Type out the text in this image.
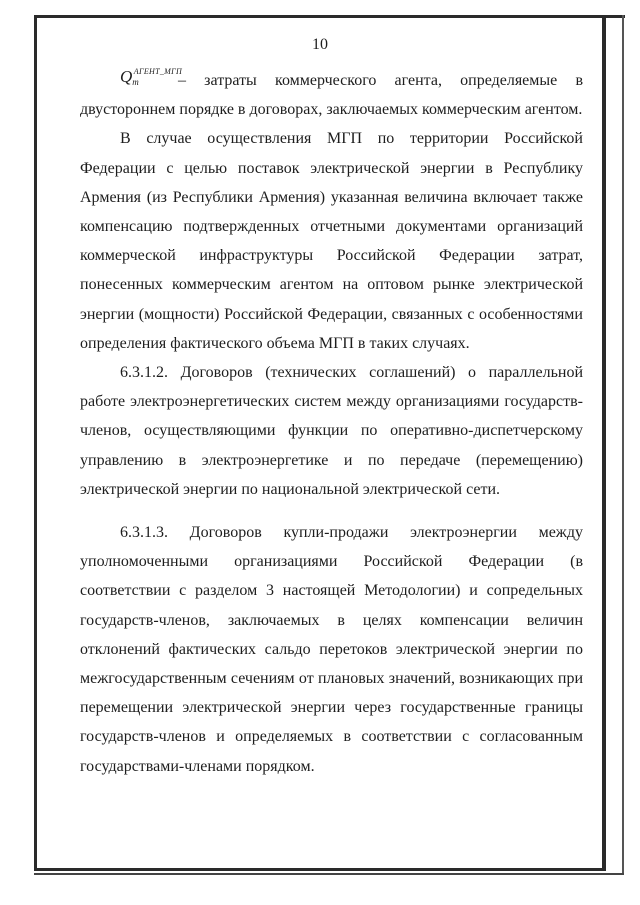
10
$Q_m^{АГЕНТ\_МГП}$

– затраты коммерческого агента, определяемые в двустороннем порядке в договорах, заключаемых коммерческим агентом.

В случае осуществления МГП по территории Российской Федерации с целью поставок электрической энергии в Республику Армения (из Республики Армения) указанная величина включает также компенсацию подтвержденных отчетными документами организаций коммерческой инфраструктуры Российской Федерации затрат, понесенных коммерческим агентом на оптовом рынке электрической энергии (мощности) Российской Федерации, связанных с особенностями определения фактического объема МГП в таких случаях.

6.3.1.2. Договоров (технических соглашений) о параллельной работе электроэнергетических систем между организациями государств-членов, осуществляющими функции по оперативно-диспетчерскому управлению в электроэнергетике и по передаче (перемещению) электрической энергии по национальной электрической сети.

6.3.1.3. Договоров купли-продажи электроэнергии между уполномоченными организациями Российской Федерации (в соответствии с разделом 3 настоящей Методологии) и сопредельных государств-членов, заключаемых в целях компенсации величин отклонений фактических сальдо перетоков электрической энергии по межгосударственным сечениям от плановых значений, возникающих при перемещении электрической энергии через государственные границы государств-членов и определяемых в соответствии с согласованным государствами-членами порядком.
